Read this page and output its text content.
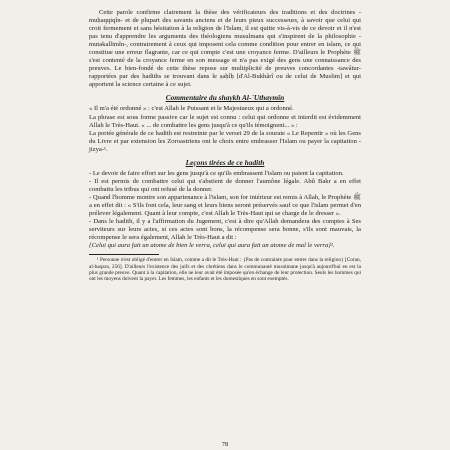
Cette parole confirme clairement la thèse des vérificateurs des traditions et des doctrines -muḥaqqiqîn- et de plupart des savants anciens et de leurs pieux successeurs, à savoir que celui qui croit fermement et sans hésitation à la religion de l'Islam, il est quitte vis-à-vis de ce devoir et il n'est pas tenu d'apprendre les arguments des théologiens musulmans qui s'inspirent de la philosophie -mutakallimîn-, contrairement à ceux qui imposent cela comme condition pour entrer en islam, ce qui constitue une erreur flagrante, car ce qui compte c'est une croyance ferme. D'ailleurs le Prophète ﷺ s'est contenté de la croyance ferme en son message et n'a pas exigé des gens une connaissance des preuves. Le bien-fondé de cette thèse repose sur multiplicité de preuves concordantes -tawâtur- rapportées par des hadiths se trouvant dans le ṣaḥîḥ [d'Al-Bukhârî ou de celui de Muslim] et qui apportent la science certaine à ce sujet.

Commentaire du shaykh Al-`Uthaymîn
« Il m'a été ordonné » : c'est Allah le Puissant et le Majestueux qui a ordonné.
La phrase est sous forme passive car le sujet est connu : celui qui ordonne et interdit est évidemment Allah le Très-Haut. « ... de combattre les gens jusqu'à ce qu'ils témoignent... » :
La portée générale de ce hadith est restreinte par le verset 29 de la sourate « Le Repentir » où les Gens du Livre et par extension les Zoroastriens ont le choix entre embrasser l'Islam ou payer la capitation -jizya-¹.
Leçons tirées de ce hadith
- Le devoir de faire effort sur les gens jusqu'à ce qu'ils embrassent l'islam ou paient la capitation.
- Il est permis de combattre celui qui s'abstient de donner l'aumône légale. Abû Bakr a en effet combattu les tribus qui ont refusé de la donner.
- Quand l'homme montre son appartenance à l'islam, son for intérieur est remis à Allah, le Prophète ﷺ a en effet dit : « S'ils font cela, leur sang et leurs biens seront préservés sauf ce que l'islam permet d'en prélever légalement. Quant à leur compte, c'est Allah le Très-Haut qui se charge de le dresser ».
- Dans le hadith, il y a l'affirmation du Jugement, c'est à dire qu'Allah demandera des comptes à Ses serviteurs sur leurs actes, si ces actes sont bons, la récompense sera bonne, s'ils sont mauvais, la récompense le sera également, Allah le Très-Haut a dit :
{Celui qui aura fait un atome de bien le verra, celui qui aura fait un atome de mal le verra}².

¹ Personne n'est obligé d'entrer en Islam, comme a dit le Très-Haut : {Pas de contrainte pour entrer dans la religion} [Coran, al-baqara, 256]. D'ailleurs l'existence des juifs et des chrétiens dans le communauté musulmane jusqu'à aujourd'hui en est la plus grande preuve. Quant à la capitation, elle ne leur avait été imposée qu'en échange de leur protection. Seuls les hommes qui ont les moyens doivent la payer. Les femmes, les enfants et les domestiques en sont exemptés.

78
